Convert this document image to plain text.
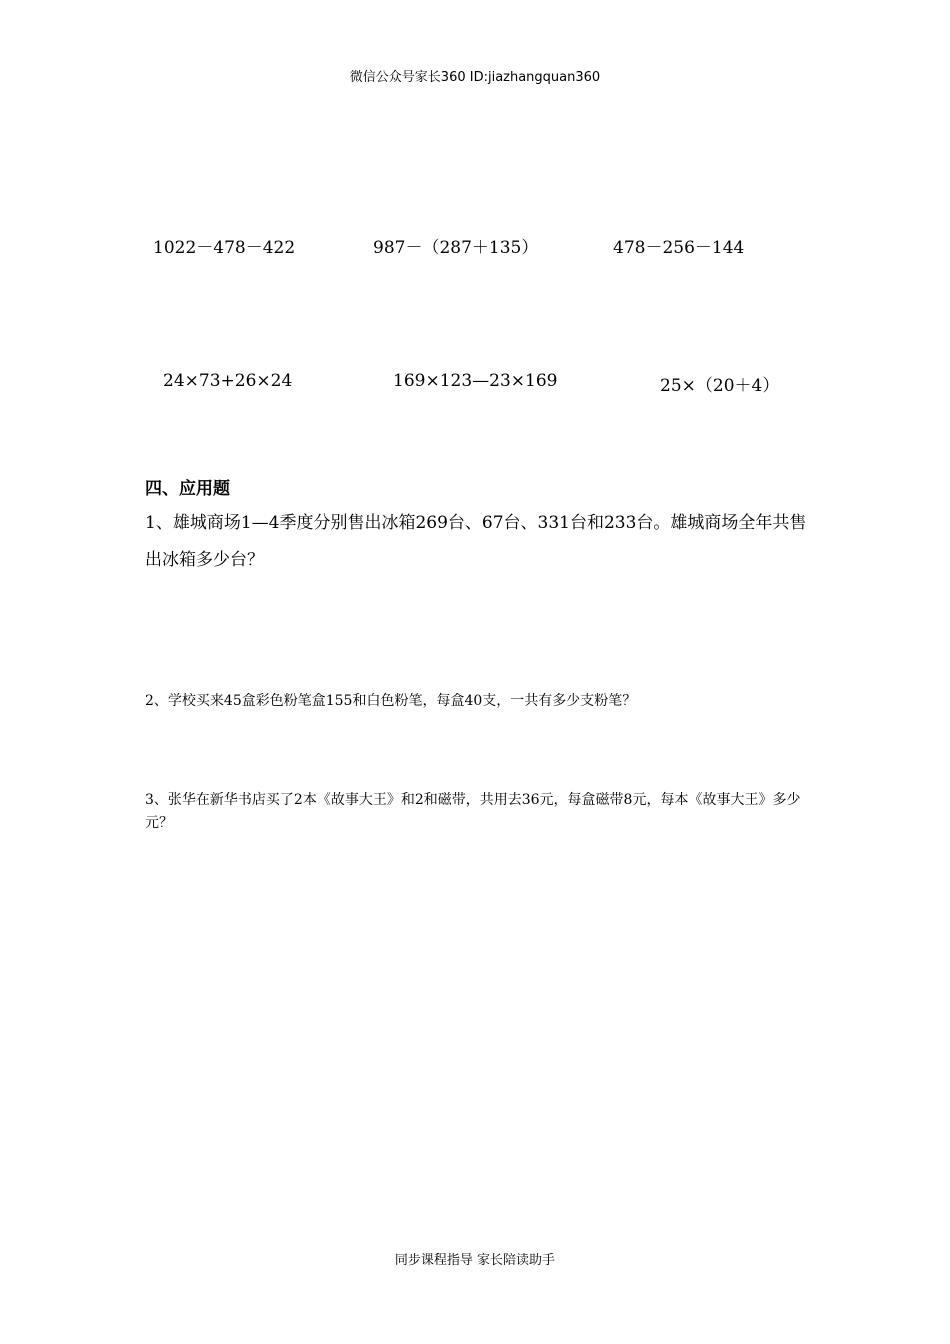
微信公众号家长360 ID:jiazhangquan360
1022－478－422	987－（287＋135）	478－256－144
24×73+26×24	169×123—23×169	25×（20＋4）
四、应用题
1、雄城商场1—4季度分别售出冰箱269台、67台、331台和233台。雄城商场全年共售出冰箱多少台？
2、学校买来45盒彩色粉笔盒155和白色粉笔，每盒40支，一共有多少支粉笔？
3、张华在新华书店买了2本《故事大王》和2和磁带，共用去36元，每盒磁带8元，每本《故事大王》多少元？
同步课程指导 家长陪读助手
